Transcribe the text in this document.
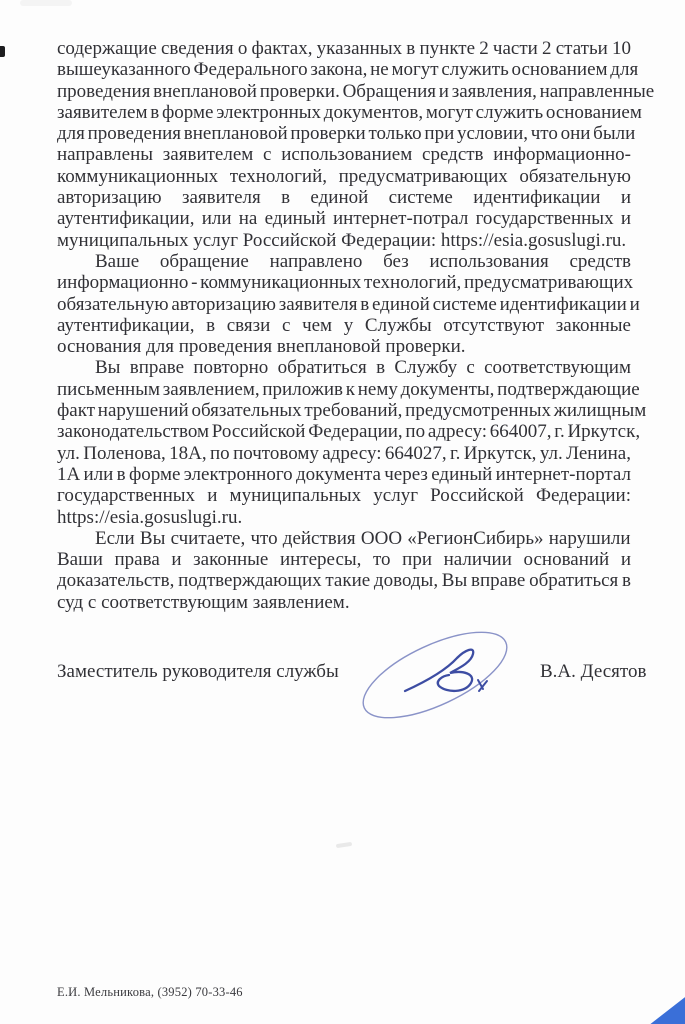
содержащие сведения о фактах, указанных в пункте 2 части 2 статьи 10
вышеуказанного Федерального закона, не могут служить основанием для
проведения внеплановой проверки. Обращения и заявления, направленные
заявителем в форме электронных документов, могут служить основанием
для проведения внеплановой проверки только при условии, что они были
направлены заявителем с использованием средств информационно-
коммуникационных технологий, предусматривающих обязательную
авторизацию заявителя в единой системе идентификации и
аутентификации, или на единый интернет-потрал государственных и
муниципальных услуг Российской Федерации: https://esia.gosuslugi.ru.
Ваше обращение направлено без использования средств
информационно - коммуникационных технологий, предусматривающих
обязательную авторизацию заявителя в единой системе идентификации и
аутентификации, в связи с чем у Службы отсутствуют законные
основания для проведения внеплановой проверки.
Вы вправе повторно обратиться в Службу с соответствующим
письменным заявлением, приложив к нему документы, подтверждающие
факт нарушений обязательных требований, предусмотренных жилищным
законодательством Российской Федерации, по адресу: 664007, г. Иркутск,
ул. Поленова, 18А, по почтовому адресу: 664027, г. Иркутск, ул. Ленина,
1А или в форме электронного документа через единый интернет-портал
государственных и муниципальных услуг Российской Федерации:
https://esia.gosuslugi.ru.
Если Вы считаете, что действия ООО «РегионСибирь» нарушили
Ваши права и законные интересы, то при наличии оснований и
доказательств, подтверждающих такие доводы, Вы вправе обратиться в
суд с соответствующим заявлением.
Заместитель руководителя службы	В.А. Десятов
Е.И. Мельникова, (3952) 70-33-46
